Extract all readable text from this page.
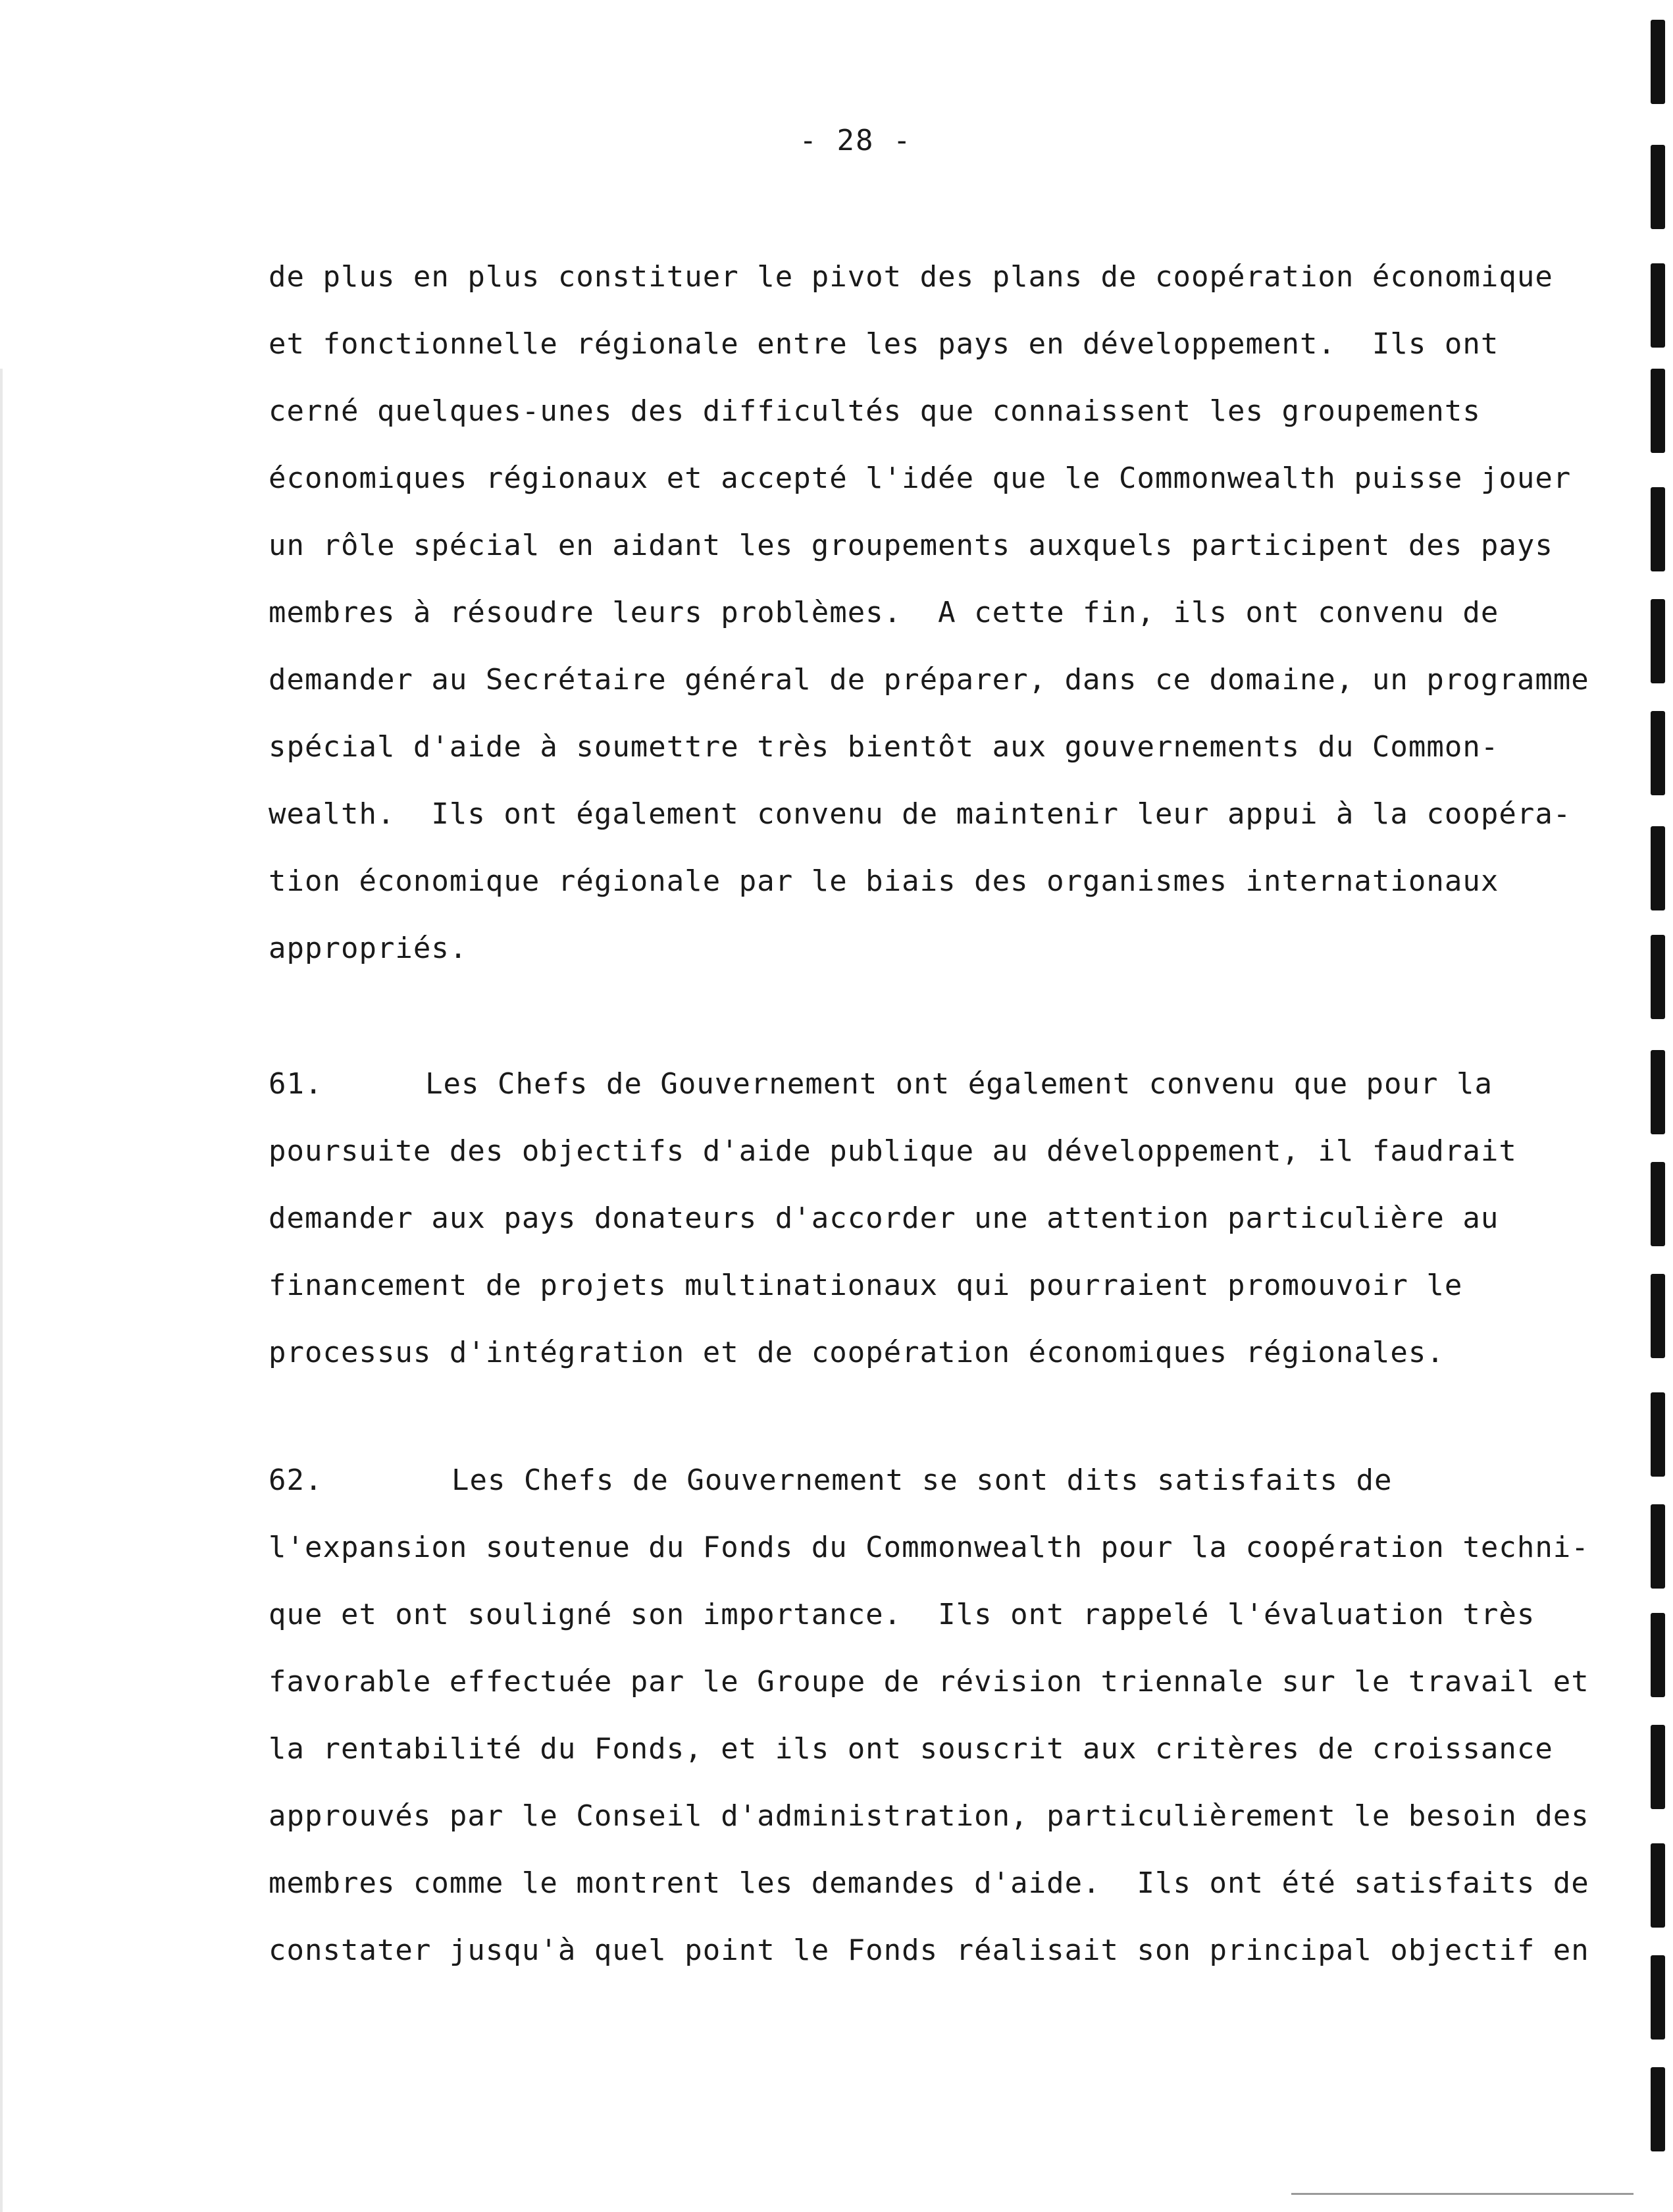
- 28 -
de plus en plus constituer le pivot des plans de coopération économique
et fonctionnelle régionale entre les pays en développement.  Ils ont
cerné quelques-unes des difficultés que connaissent les groupements
économiques régionaux et accepté l'idée que le Commonwealth puisse jouer
un rôle spécial en aidant les groupements auxquels participent des pays
membres à résoudre leurs problèmes.  A cette fin, ils ont convenu de
demander au Secrétaire général de préparer, dans ce domaine, un programme
spécial d'aide à soumettre très bientôt aux gouvernements du Common-
wealth.  Ils ont également convenu de maintenir leur appui à la coopéra-
tion économique régionale par le biais des organismes internationaux
appropriés.
61.	Les Chefs de Gouvernement ont également convenu que pour la
poursuite des objectifs d'aide publique au développement, il faudrait
demander aux pays donateurs d'accorder une attention particulière au
financement de projets multinationaux qui pourraient promouvoir le
processus d'intégration et de coopération économiques régionales.
62.	Les Chefs de Gouvernement se sont dits satisfaits de
l'expansion soutenue du Fonds du Commonwealth pour la coopération techni-
que et ont souligné son importance.  Ils ont rappelé l'évaluation très
favorable effectuée par le Groupe de révision triennale sur le travail et
la rentabilité du Fonds, et ils ont souscrit aux critères de croissance
approuvés par le Conseil d'administration, particulièrement le besoin des
membres comme le montrent les demandes d'aide.  Ils ont été satisfaits de
constater jusqu'à quel point le Fonds réalisait son principal objectif en
